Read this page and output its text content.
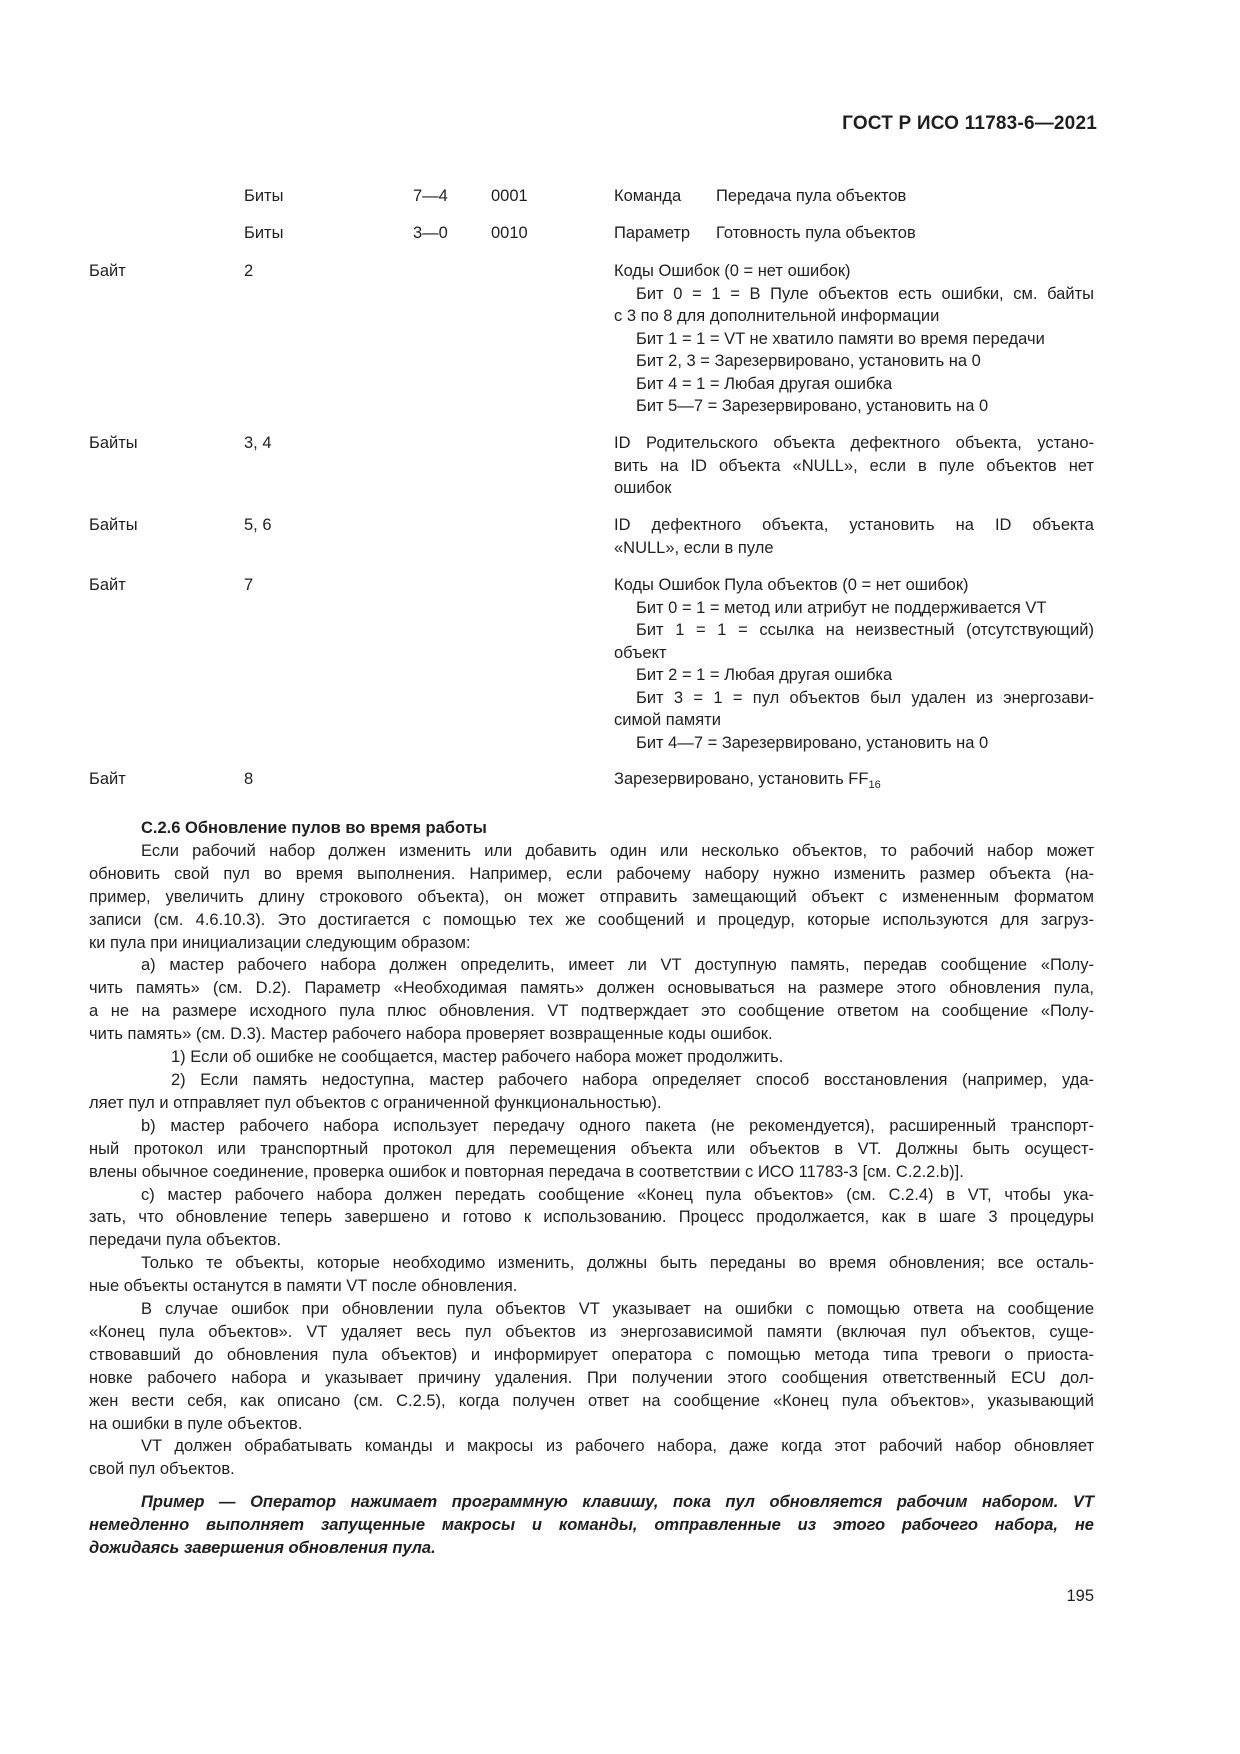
ГОСТ Р ИСО 11783-6—2021
Биты	7—4	0001	Команда Передача пула объектов
Биты	3—0	0010	Параметр Готовность пула объектов
Байт	2	Коды Ошибок (0 = нет ошибок)
Бит 0 = 1 = В Пуле объектов есть ошибки, см. байты
с 3 по 8 для дополнительной информации
Бит 1 = 1 = VT не хватило памяти во время передачи
Бит 2, 3 = Зарезервировано, установить на 0
Бит 4 = 1 = Любая другая ошибка
Бит 5—7 = Зарезервировано, установить на 0
Байты	3, 4	ID Родительского объекта дефектного объекта, устано-
вить на ID объекта «NULL», если в пуле объектов нет
ошибок
Байты	5, 6	ID дефектного объекта, установить на ID объекта
«NULL», если в пуле
Байт	7	Коды Ошибок Пула объектов (0 = нет ошибок)
Бит 0 = 1 = метод или атрибут не поддерживается VT
Бит 1 = 1 = ссылка на неизвестный (отсутствующий)
объект
Бит 2 = 1 = Любая другая ошибка
Бит 3 = 1 = пул объектов был удален из энергозави-
симой памяти
Бит 4—7 = Зарезервировано, установить на 0
Байт	8	Зарезервировано, установить $FF_{16}$

С.2.6 Обновление пулов во время работы

Если рабочий набор должен изменить или добавить один или несколько объектов, то рабочий набор может
обновить свой пул во время выполнения. Например, если рабочему набору нужно изменить размер объекта (на-
пример, увеличить длину строкового объекта), он может отправить замещающий объект с измененным форматом
записи (см. 4.6.10.3). Это достигается с помощью тех же сообщений и процедур, которые используются для загруз-
ки пула при инициализации следующим образом:

a) мастер рабочего набора должен определить, имеет ли VT доступную память, передав сообщение «Полу-
чить память» (см. D.2). Параметр «Необходимая память» должен основываться на размере этого обновления пула,
а не на размере исходного пула плюс обновления. VT подтверждает это сообщение ответом на сообщение «Полу-
чить память» (см. D.3). Мастер рабочего набора проверяет возвращенные коды ошибок.

1) Если об ошибке не сообщается, мастер рабочего набора может продолжить.

2) Если память недоступна, мастер рабочего набора определяет способ восстановления (например, уда-
ляет пул и отправляет пул объектов с ограниченной функциональностью).

b) мастер рабочего набора использует передачу одного пакета (не рекомендуется), расширенный транспорт-
ный протокол или транспортный протокол для перемещения объекта или объектов в VT. Должны быть осущест-
влены обычное соединение, проверка ошибок и повторная передача в соответствии с ИСО 11783-3 [см. С.2.2.b)].

c) мастер рабочего набора должен передать сообщение «Конец пула объектов» (см. С.2.4) в VT, чтобы ука-
зать, что обновление теперь завершено и готово к использованию. Процесс продолжается, как в шаге 3 процедуры
передачи пула объектов.

Только те объекты, которые необходимо изменить, должны быть переданы во время обновления; все осталь-
ные объекты останутся в памяти VT после обновления.

В случае ошибок при обновлении пула объектов VT указывает на ошибки с помощью ответа на сообщение
«Конец пула объектов». VT удаляет весь пул объектов из энергозависимой памяти (включая пул объектов, суще-
ствовавший до обновления пула объектов) и информирует оператора с помощью метода типа тревоги о приоста-
новке рабочего набора и указывает причину удаления. При получении этого сообщения ответственный ECU дол-
жен вести себя, как описано (см. С.2.5), когда получен ответ на сообщение «Конец пула объектов», указывающий
на ошибки в пуле объектов.

VT должен обрабатывать команды и макросы из рабочего набора, даже когда этот рабочий набор обновляет
свой пул объектов.

Пример — Оператор нажимает программную клавишу, пока пул обновляется рабочим набором. VT
немедленно выполняет запущенные макросы и команды, отправленные из этого рабочего набора, не
дожидаясь завершения обновления пула.

195
